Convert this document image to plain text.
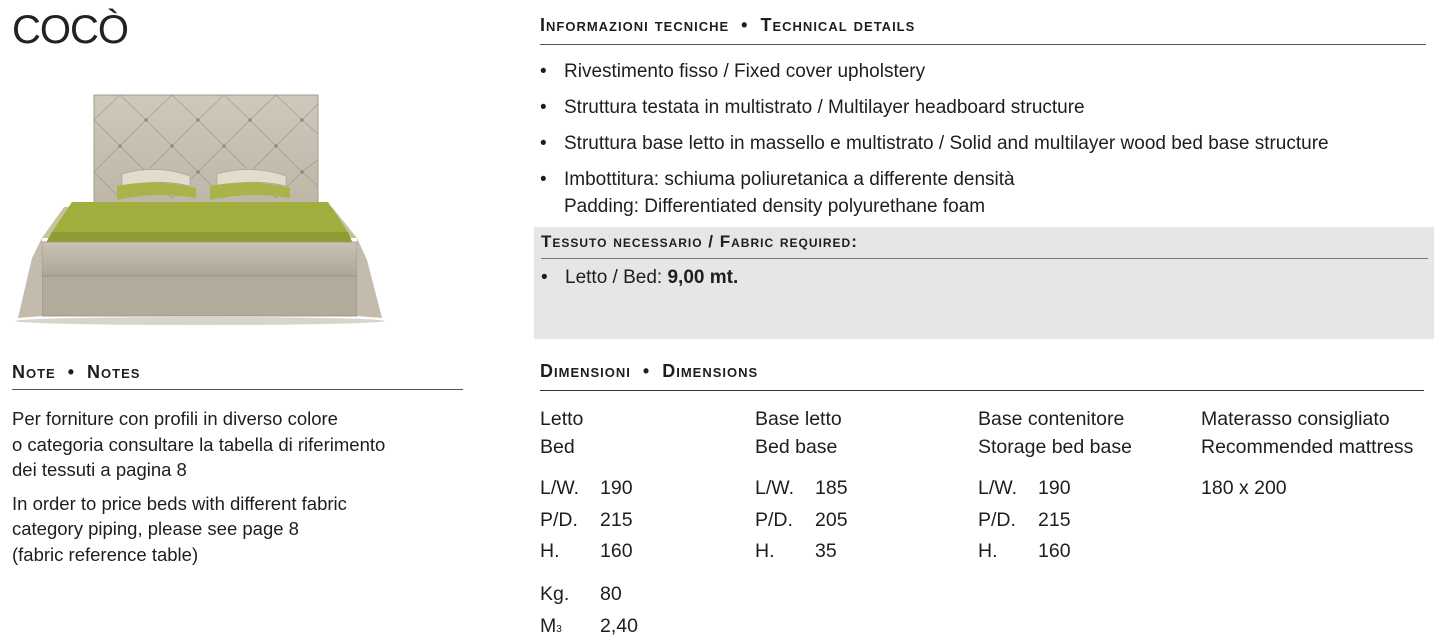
COCÒ
Note  •  Notes

Per forniture con profili in diverso colore
o categoria consultare la tabella di riferimento
dei tessuti a pagina 8

In order to price beds with different fabric
category piping, please see page 8
(fabric reference table)

Informazioni tecniche  •  Technical details
• Rivestimento fisso / Fixed cover upholstery
• Struttura testata in multistrato / Multilayer headboard structure
• Struttura base letto in massello e multistrato / Solid and multilayer wood bed base structure
• Imbottitura: schiuma poliuretanica a differente densità
Padding: Differentiated density polyurethane foam
Tessuto necessario / Fabric required:
• Letto / Bed: 9,00 mt.
Dimensioni  •  Dimensions
Letto
Bed
L/W.	190
P/D.	215
H.	160
Kg.	80
$M^3$	2,40
Base letto
Bed base
L/W.	185
P/D.	205
H.	35
Base contenitore
Storage bed base
L/W.	190
P/D.	215
H.	160
Materasso consigliato
Recommended mattress
180 x 200
